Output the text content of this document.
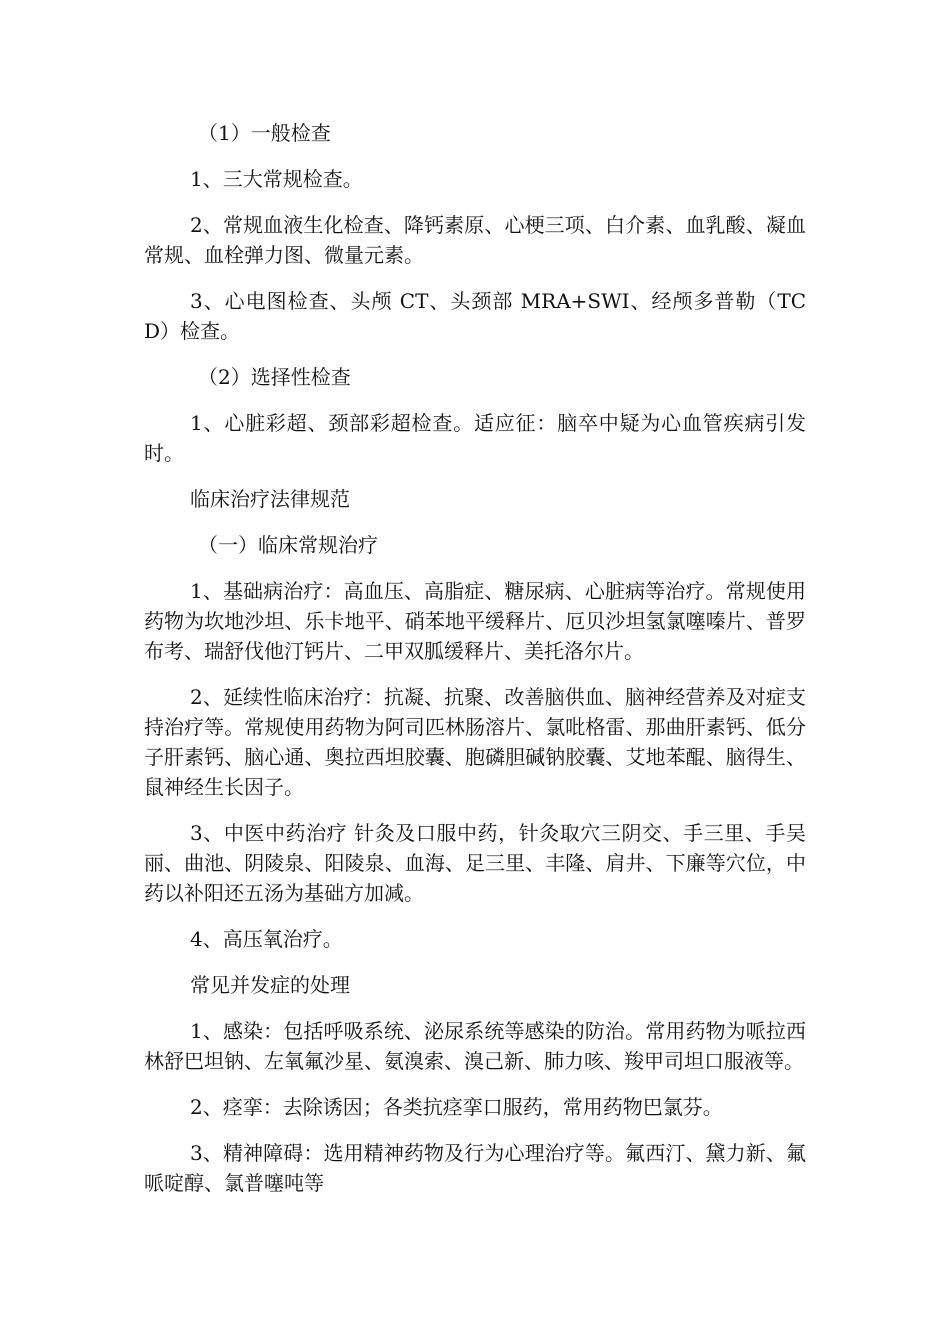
（1）一般检查

1、三大常规检查。

2、常规血液生化检查、降钙素原、心梗三项、白介素、血乳酸、凝血常规、血栓弹力图、微量元素。

3、心电图检查、头颅 CT、头颈部 MRA+SWI、经颅多普勒（TCD）检查。

（2）选择性检查

1、心脏彩超、颈部彩超检查。适应征：脑卒中疑为心血管疾病引发时。

临床治疗法律规范

（一）临床常规治疗

1、基础病治疗：高血压、高脂症、糖尿病、心脏病等治疗。常规使用药物为坎地沙坦、乐卡地平、硝苯地平缓释片、厄贝沙坦氢氯噻嗪片、普罗布考、瑞舒伐他汀钙片、二甲双胍缓释片、美托洛尔片。

2、延续性临床治疗：抗凝、抗聚、改善脑供血、脑神经营养及对症支持治疗等。常规使用药物为阿司匹林肠溶片、氯吡格雷、那曲肝素钙、低分子肝素钙、脑心通、奥拉西坦胶囊、胞磷胆碱钠胶囊、艾地苯醌、脑得生、鼠神经生长因子。

3、中医中药治疗 针灸及口服中药，针灸取穴三阴交、手三里、手吴丽、曲池、阴陵泉、阳陵泉、血海、足三里、丰隆、肩井、下廉等穴位，中药以补阳还五汤为基础方加减。

4、高压氧治疗。

常见并发症的处理

1、感染：包括呼吸系统、泌尿系统等感染的防治。常用药物为哌拉西林舒巴坦钠、左氧氟沙星、氨溴索、溴己新、肺力咳、羧甲司坦口服液等。

2、痉挛：去除诱因；各类抗痉挛口服药，常用药物巴氯芬。

3、精神障碍：选用精神药物及行为心理治疗等。氟西汀、黛力新、氟哌啶醇、氯普噻吨等
